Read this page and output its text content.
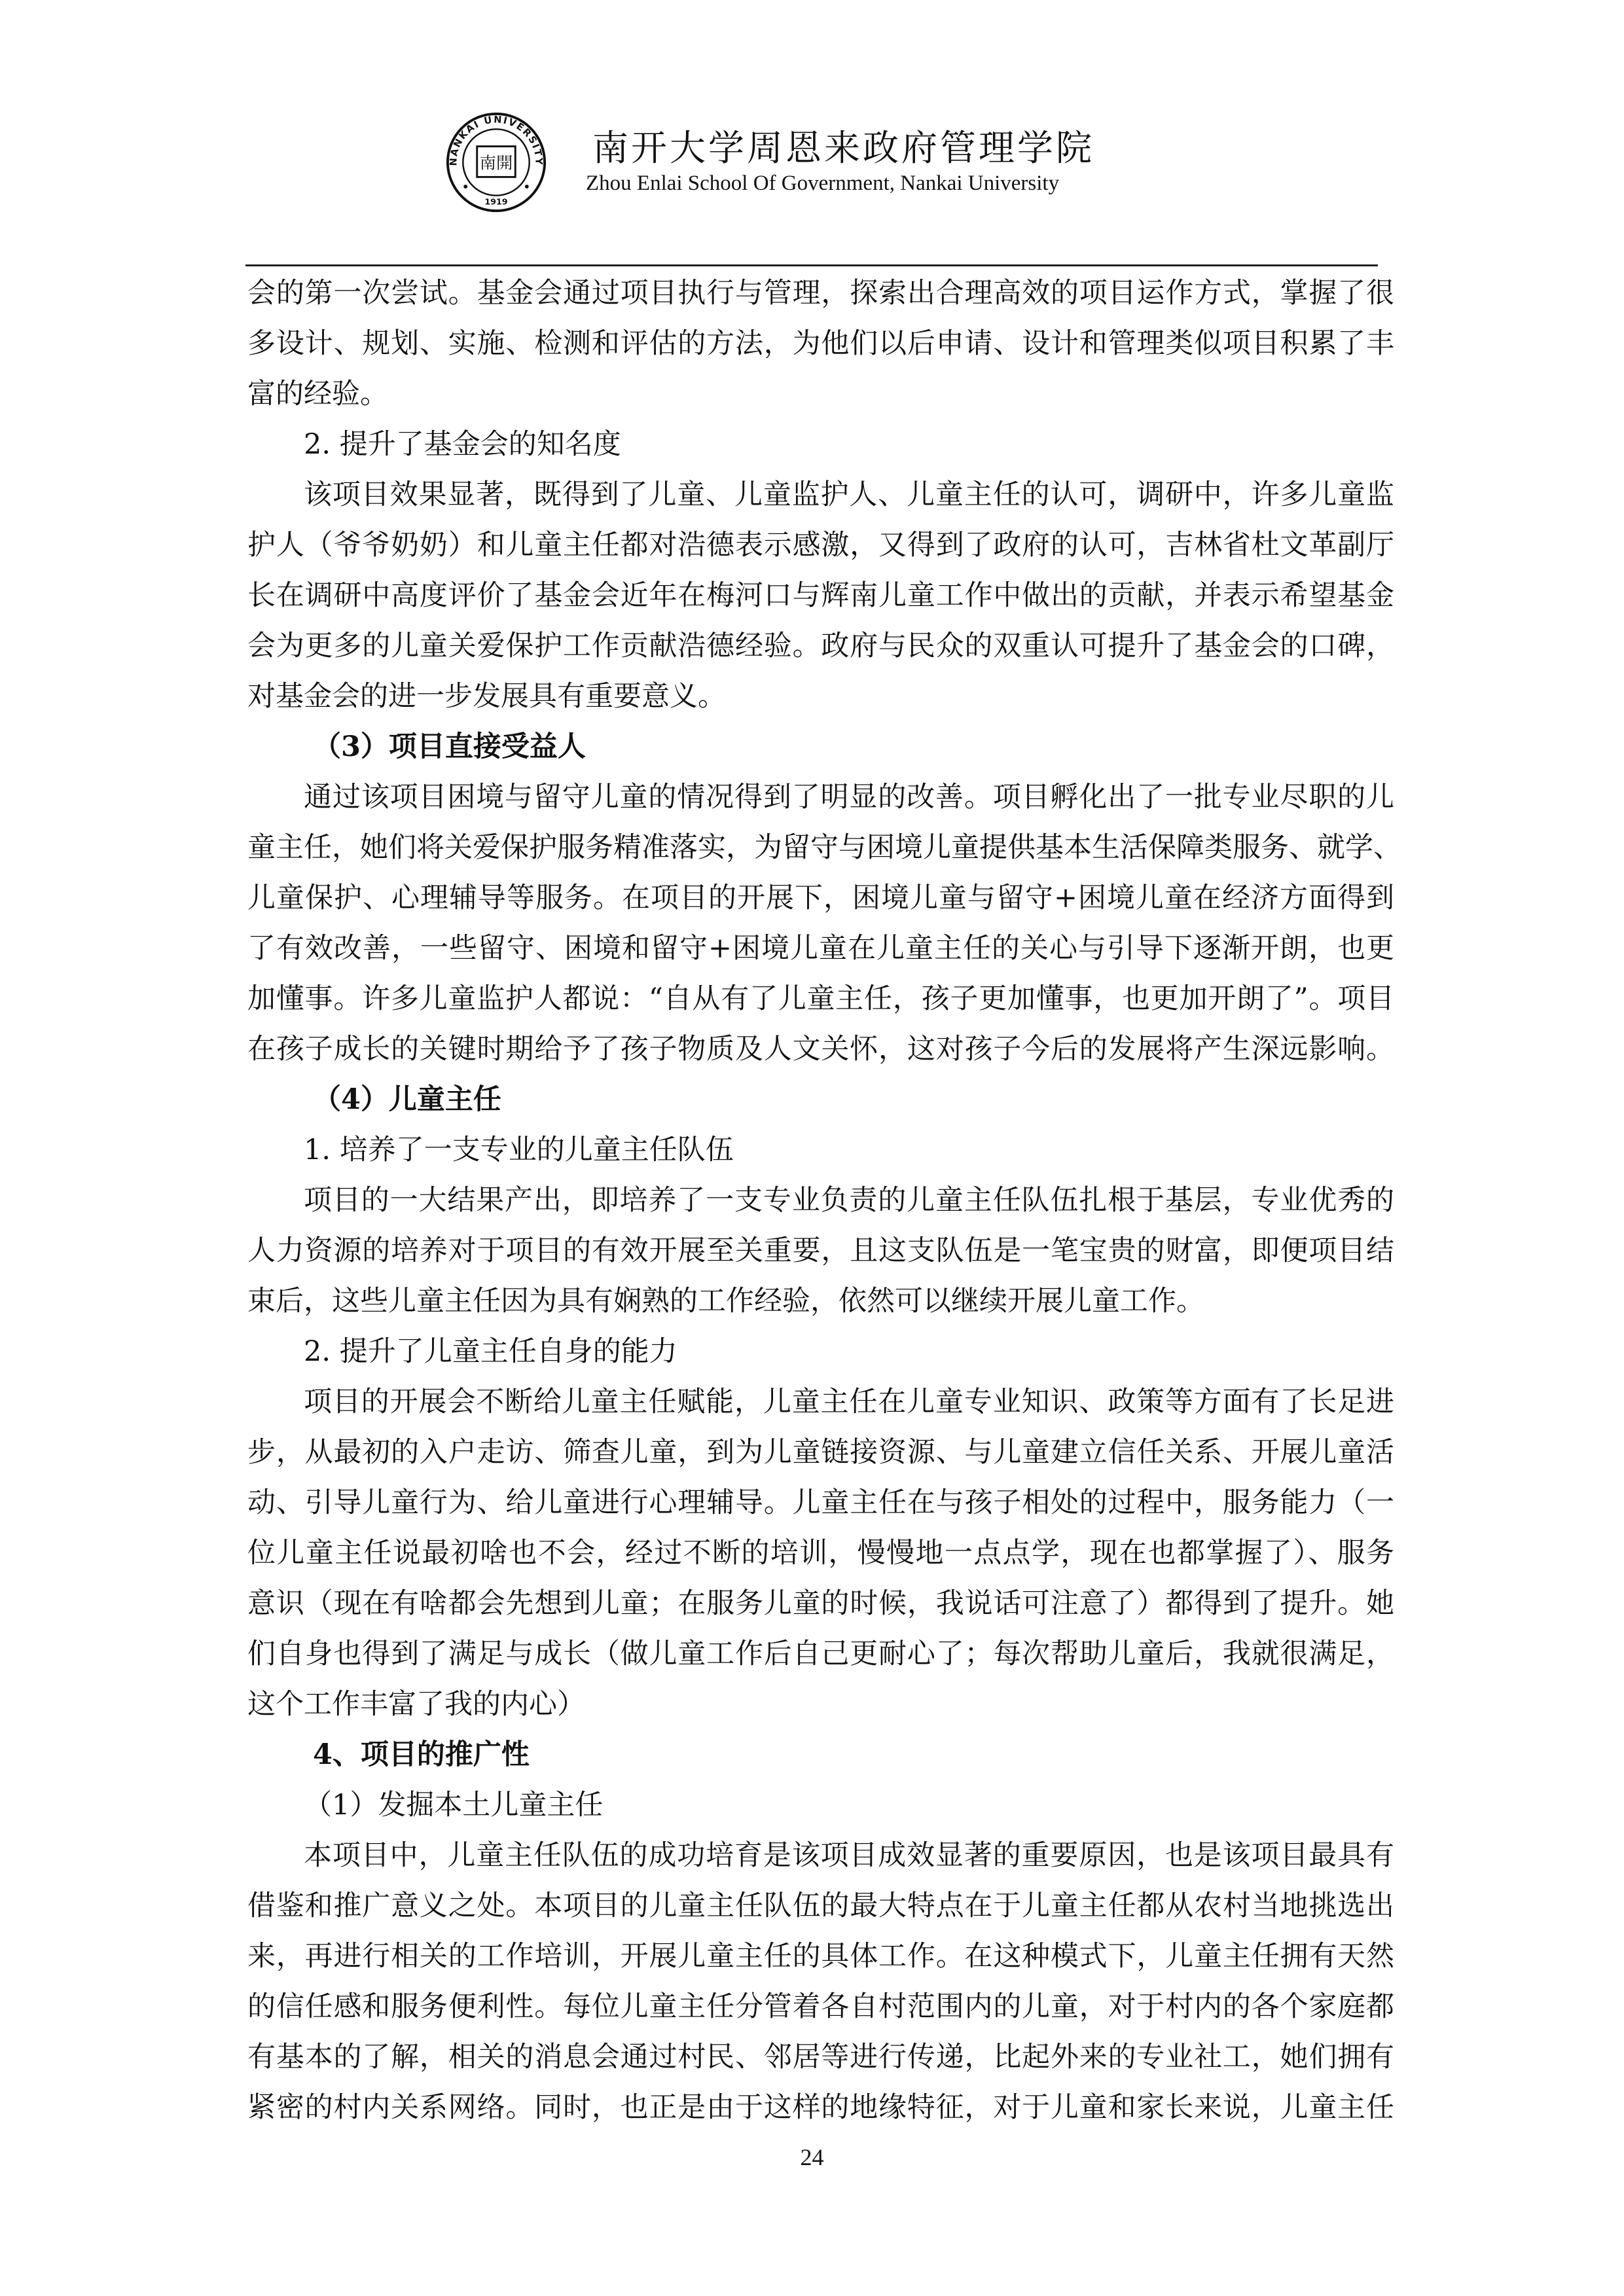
NANKAI UNIVERSITY
南開
1919
南开大学周恩来政府管理学院
Zhou Enlai School Of Government, Nankai University

会的第一次尝试。基金会通过项目执行与管理，探索出合理高效的项目运作方式，掌握了很

多设计、规划、实施、检测和评估的方法，为他们以后申请、设计和管理类似项目积累了丰

富的经验。

2. 提升了基金会的知名度

该项目效果显著，既得到了儿童、儿童监护人、儿童主任的认可，调研中，许多儿童监

护人（爷爷奶奶）和儿童主任都对浩德表示感激，又得到了政府的认可，吉林省杜文革副厅

长在调研中高度评价了基金会近年在梅河口与辉南儿童工作中做出的贡献，并表示希望基金

会为更多的儿童关爱保护工作贡献浩德经验。政府与民众的双重认可提升了基金会的口碑，

对基金会的进一步发展具有重要意义。

（3）项目直接受益人

通过该项目困境与留守儿童的情况得到了明显的改善。项目孵化出了一批专业尽职的儿

童主任，她们将关爱保护服务精准落实，为留守与困境儿童提供基本生活保障类服务、就学、

儿童保护、心理辅导等服务。在项目的开展下，困境儿童与留守+困境儿童在经济方面得到

了有效改善，一些留守、困境和留守+困境儿童在儿童主任的关心与引导下逐渐开朗，也更

加懂事。许多儿童监护人都说：“自从有了儿童主任，孩子更加懂事，也更加开朗了”。项目

在孩子成长的关键时期给予了孩子物质及人文关怀，这对孩子今后的发展将产生深远影响。

（4）儿童主任

1. 培养了一支专业的儿童主任队伍

项目的一大结果产出，即培养了一支专业负责的儿童主任队伍扎根于基层，专业优秀的

人力资源的培养对于项目的有效开展至关重要，且这支队伍是一笔宝贵的财富，即便项目结

束后，这些儿童主任因为具有娴熟的工作经验，依然可以继续开展儿童工作。

2. 提升了儿童主任自身的能力

项目的开展会不断给儿童主任赋能，儿童主任在儿童专业知识、政策等方面有了长足进

步，从最初的入户走访、筛查儿童，到为儿童链接资源、与儿童建立信任关系、开展儿童活

动、引导儿童行为、给儿童进行心理辅导。儿童主任在与孩子相处的过程中，服务能力（一

位儿童主任说最初啥也不会，经过不断的培训，慢慢地一点点学，现在也都掌握了）、服务

意识（现在有啥都会先想到儿童；在服务儿童的时候，我说话可注意了）都得到了提升。她

们自身也得到了满足与成长（做儿童工作后自己更耐心了；每次帮助儿童后，我就很满足，

这个工作丰富了我的内心）

4、项目的推广性

（1）发掘本土儿童主任

本项目中，儿童主任队伍的成功培育是该项目成效显著的重要原因，也是该项目最具有

借鉴和推广意义之处。本项目的儿童主任队伍的最大特点在于儿童主任都从农村当地挑选出

来，再进行相关的工作培训，开展儿童主任的具体工作。在这种模式下，儿童主任拥有天然

的信任感和服务便利性。每位儿童主任分管着各自村范围内的儿童，对于村内的各个家庭都

有基本的了解，相关的消息会通过村民、邻居等进行传递，比起外来的专业社工，她们拥有

紧密的村内关系网络。同时，也正是由于这样的地缘特征，对于儿童和家长来说，儿童主任

24
